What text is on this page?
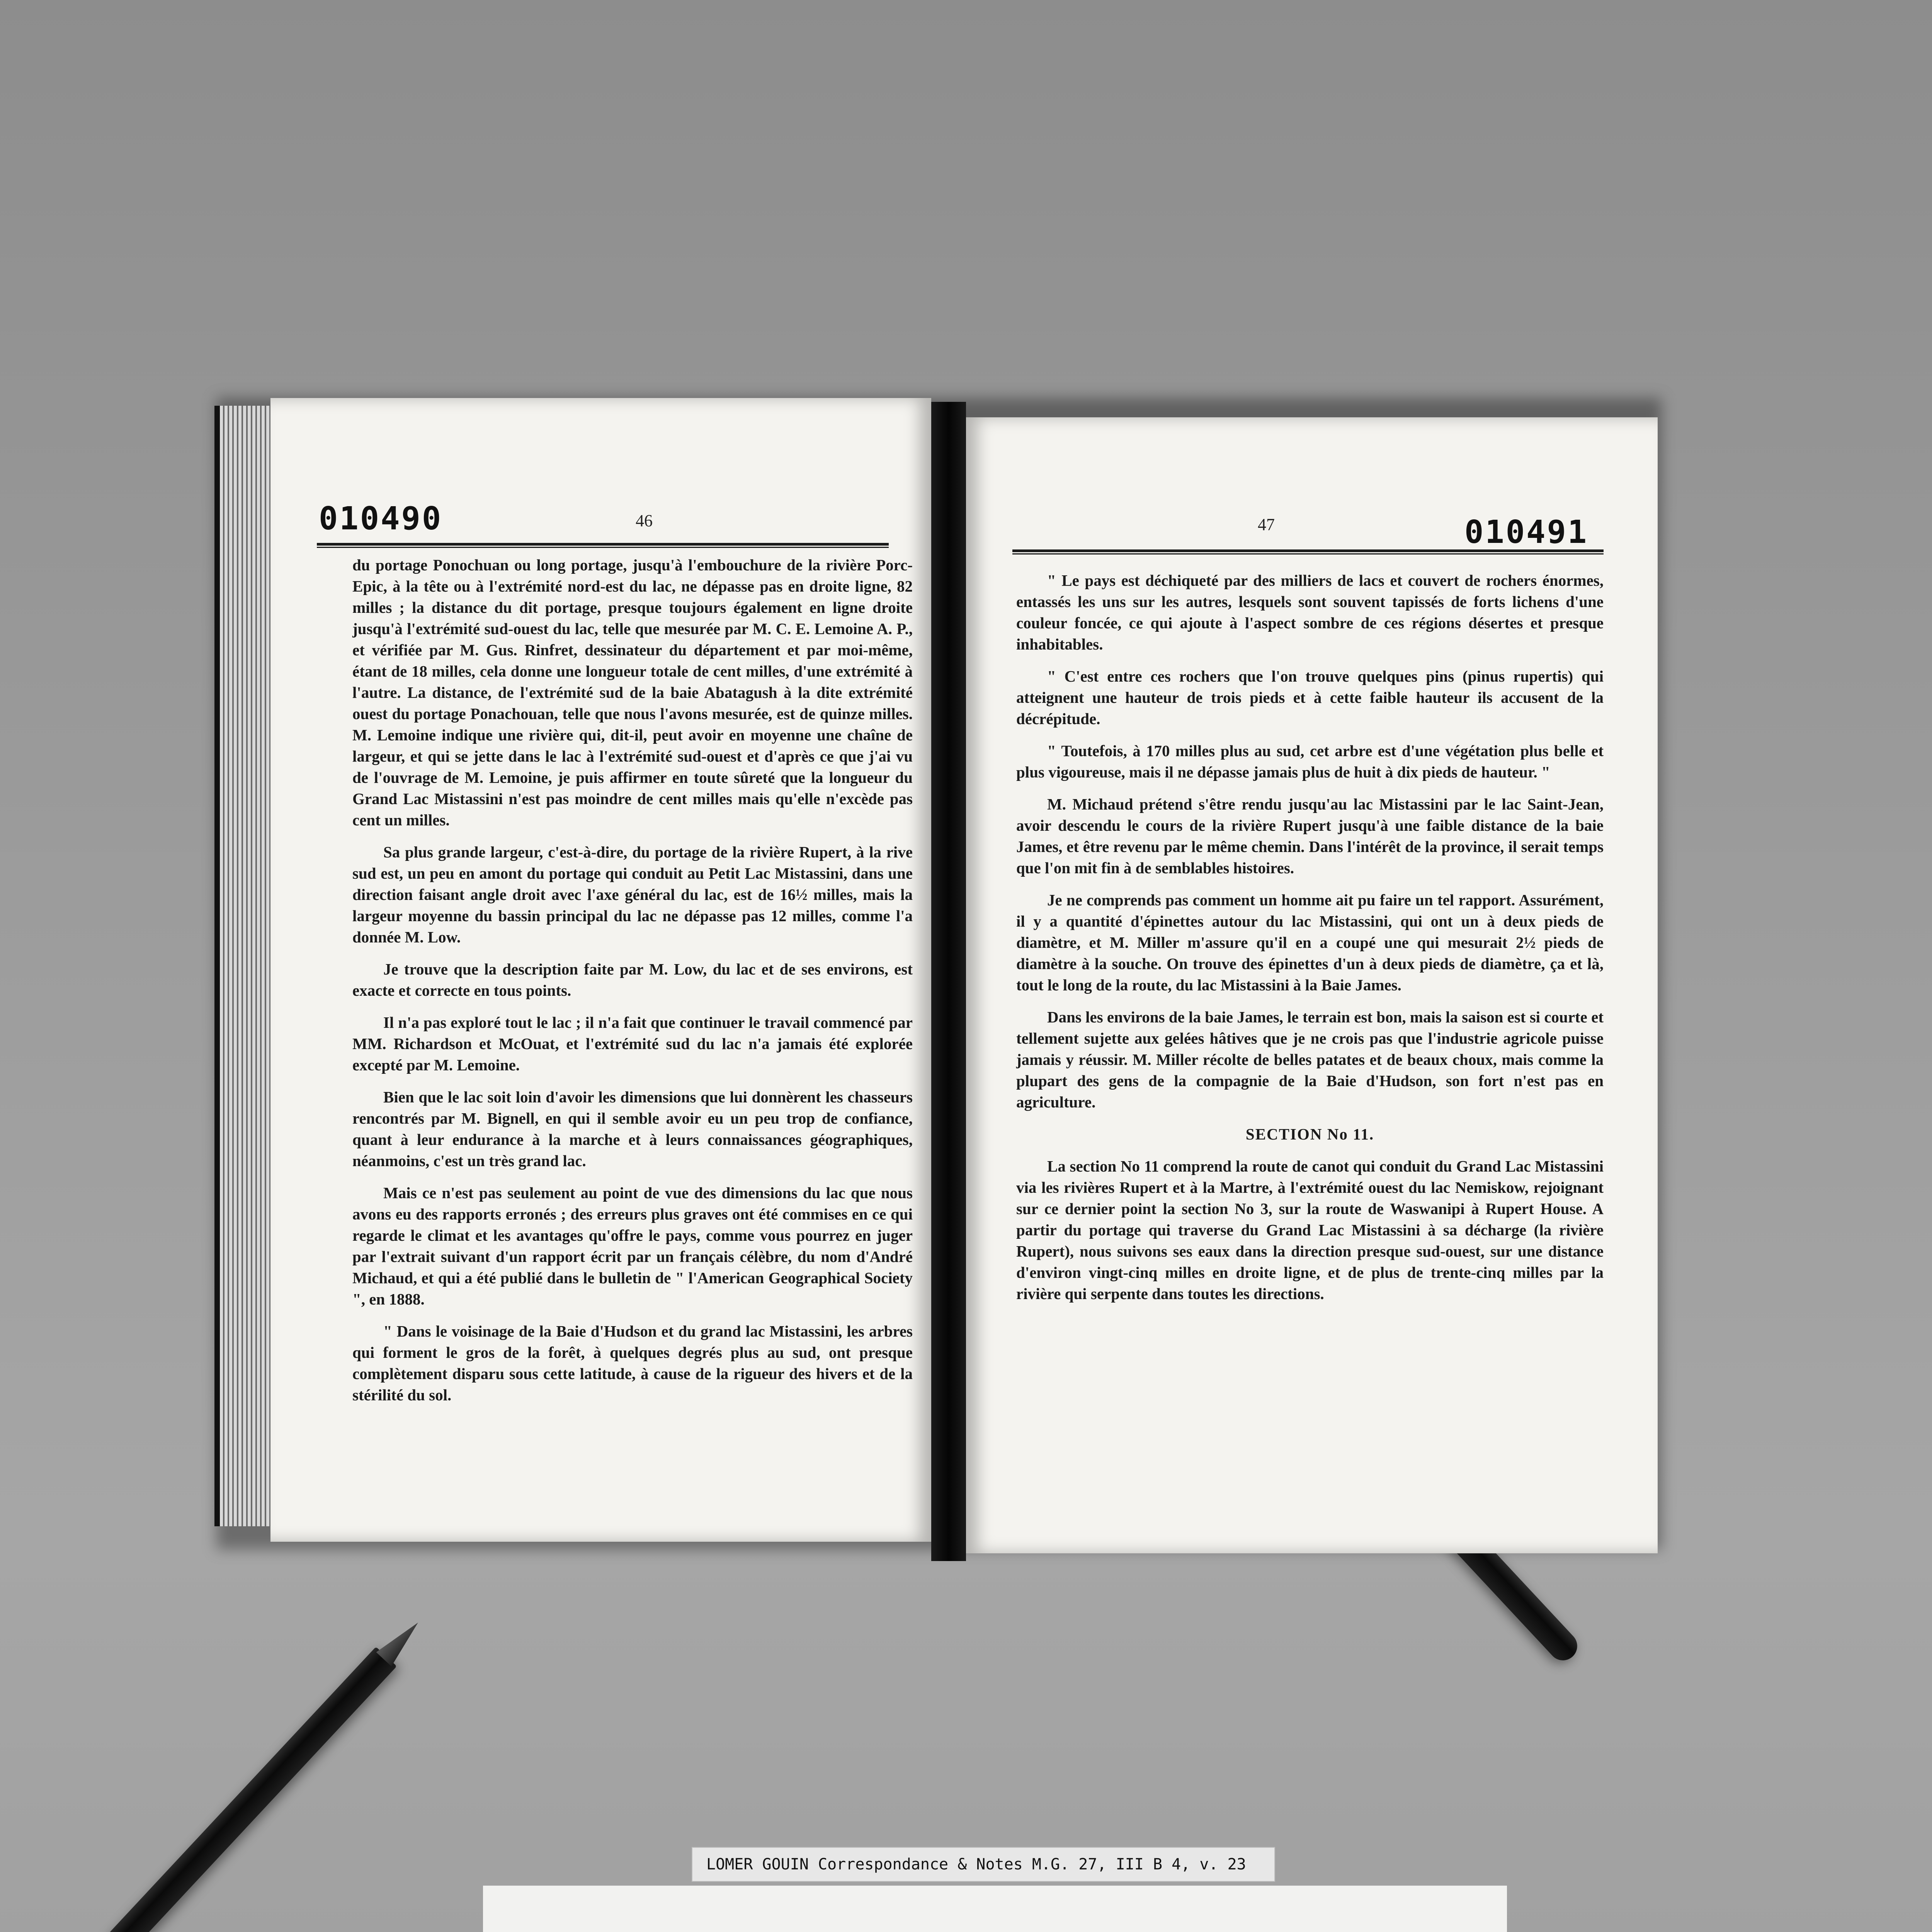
010490	46

du portage Ponochuan ou long portage, jusqu'à l'embouchure de la rivière Porc-Epic, à la tête ou à l'extrémité nord-est du lac, ne dépasse pas en droite ligne, 82 milles ; la distance du dit portage, presque toujours également en ligne droite jusqu'à l'extrémité sud-ouest du lac, telle que mesurée par M. C. E. Lemoine A. P., et vérifiée par M. Gus. Rinfret, dessinateur du département et par moi-même, étant de 18 milles, cela donne une longueur totale de cent milles, d'une extrémité à l'autre. La distance, de l'extrémité sud de la baie Abatagush à la dite extrémité ouest du portage Ponachouan, telle que nous l'avons mesurée, est de quinze milles. M. Lemoine indique une rivière qui, dit-il, peut avoir en moyenne une chaîne de largeur, et qui se jette dans le lac à l'extrémité sud-ouest et d'après ce que j'ai vu de l'ouvrage de M. Lemoine, je puis affirmer en toute sûreté que la longueur du Grand Lac Mistassini n'est pas moindre de cent milles mais qu'elle n'excède pas cent un milles.

Sa plus grande largeur, c'est-à-dire, du portage de la rivière Rupert, à la rive sud est, un peu en amont du portage qui conduit au Petit Lac Mistassini, dans une direction faisant angle droit avec l'axe général du lac, est de 16½ milles, mais la largeur moyenne du bassin principal du lac ne dépasse pas 12 milles, comme l'a donnée M. Low.

Je trouve que la description faite par M. Low, du lac et de ses environs, est exacte et correcte en tous points.

Il n'a pas exploré tout le lac ; il n'a fait que continuer le travail commencé par MM. Richardson et McOuat, et l'extrémité sud du lac n'a jamais été explorée excepté par M. Lemoine.

Bien que le lac soit loin d'avoir les dimensions que lui donnèrent les chasseurs rencontrés par M. Bignell, en qui il semble avoir eu un peu trop de confiance, quant à leur endurance à la marche et à leurs connaissances géographiques, néanmoins, c'est un très grand lac.

Mais ce n'est pas seulement au point de vue des dimensions du lac que nous avons eu des rapports erronés ; des erreurs plus graves ont été commises en ce qui regarde le climat et les avantages qu'offre le pays, comme vous pourrez en juger par l'extrait suivant d'un rapport écrit par un français célèbre, du nom d'André Michaud, et qui a été publié dans le bulletin de " l'American Geographical Society ", en 1888.

" Dans le voisinage de la Baie d'Hudson et du grand lac Mistassini, les arbres qui forment le gros de la forêt, à quelques degrés plus au sud, ont presque complètement disparu sous cette latitude, à cause de la rigueur des hivers et de la stérilité du sol.

47	010491

" Le pays est déchiqueté par des milliers de lacs et couvert de rochers énormes, entassés les uns sur les autres, lesquels sont souvent tapissés de forts lichens d'une couleur foncée, ce qui ajoute à l'aspect sombre de ces régions désertes et presque inhabitables.

" C'est entre ces rochers que l'on trouve quelques pins (pinus rupertis) qui atteignent une hauteur de trois pieds et à cette faible hauteur ils accusent de la décrépitude.

" Toutefois, à 170 milles plus au sud, cet arbre est d'une végétation plus belle et plus vigoureuse, mais il ne dépasse jamais plus de huit à dix pieds de hauteur. "

M. Michaud prétend s'être rendu jusqu'au lac Mistassini par le lac Saint-Jean, avoir descendu le cours de la rivière Rupert jusqu'à une faible distance de la baie James, et être revenu par le même chemin. Dans l'intérêt de la province, il serait temps que l'on mit fin à de semblables histoires.

Je ne comprends pas comment un homme ait pu faire un tel rapport. Assurément, il y a quantité d'épinettes autour du lac Mistassini, qui ont un à deux pieds de diamètre, et M. Miller m'assure qu'il en a coupé une qui mesurait 2½ pieds de diamètre à la souche. On trouve des épinettes d'un à deux pieds de diamètre, ça et là, tout le long de la route, du lac Mistassini à la Baie James.

Dans les environs de la baie James, le terrain est bon, mais la saison est si courte et tellement sujette aux gelées hâtives que je ne crois pas que l'industrie agricole puisse jamais y réussir. M. Miller récolte de belles patates et de beaux choux, mais comme la plupart des gens de la compagnie de la Baie d'Hudson, son fort n'est pas en agriculture.

SECTION No 11.

La section No 11 comprend la route de canot qui conduit du Grand Lac Mistassini via les rivières Rupert et à la Martre, à l'extrémité ouest du lac Nemiskow, rejoignant sur ce dernier point la section No 3, sur la route de Waswanipi à Rupert House. A partir du portage qui traverse du Grand Lac Mistassini à sa décharge (la rivière Rupert), nous suivons ses eaux dans la direction presque sud-ouest, sur une distance d'environ vingt-cinq milles en droite ligne, et de plus de trente-cinq milles par la rivière qui serpente dans toutes les directions.

LOMER GOUIN Correspondance & Notes M.G. 27, III B 4, v. 23
